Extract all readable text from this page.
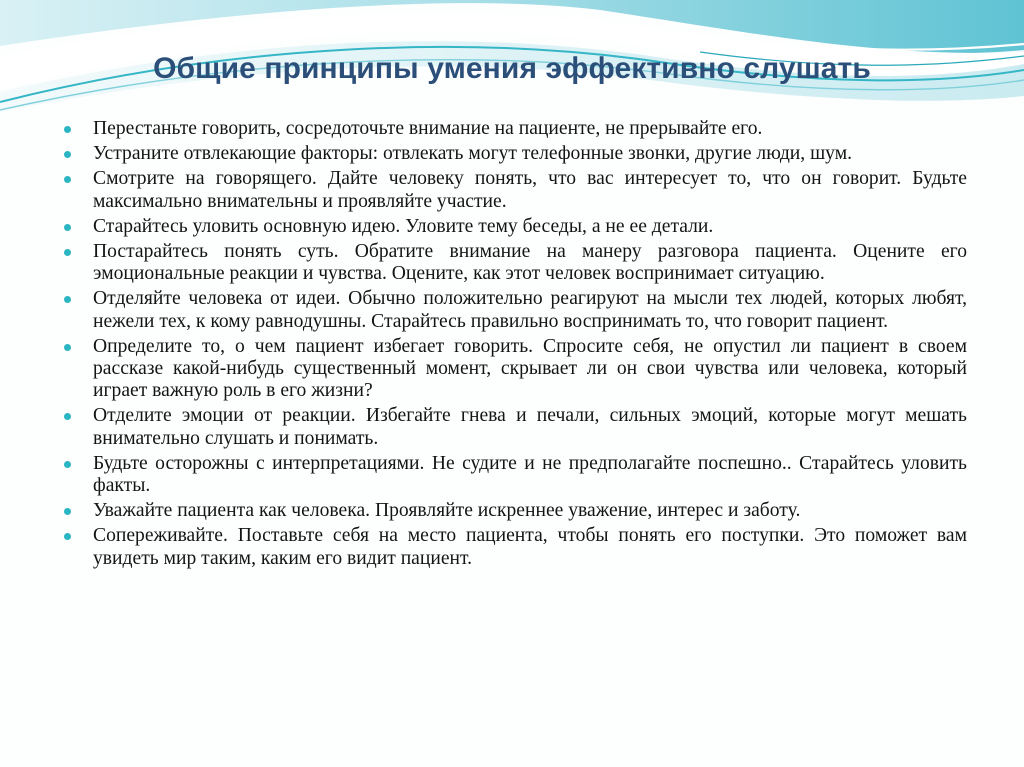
Общие принципы умения эффективно слушать
Перестаньте говорить, сосредоточьте внимание на пациенте, не прерывайте его.
Устраните отвлекающие факторы: отвлекать могут телефонные звонки, другие люди, шум.
Смотрите на говорящего. Дайте человеку понять, что вас интересует то, что он говорит. Будьте максимально внимательны и проявляйте участие.
Старайтесь уловить основную идею. Уловите тему беседы, а не ее детали.
Постарайтесь понять суть. Обратите внимание на манеру разговора пациента. Оцените его эмоциональные реакции и чувства. Оцените, как этот человек воспринимает ситуацию.
Отделяйте человека от идеи. Обычно положительно реагируют на мысли тех людей, которых любят, нежели тех, к кому равнодушны. Старайтесь правильно воспринимать то, что говорит пациент.
Определите то, о чем пациент избегает говорить. Спросите себя, не опустил ли пациент в своем рассказе какой-нибудь существенный момент, скрывает ли он свои чувства или человека, который играет важную роль в его жизни?
Отделите эмоции от реакции. Избегайте гнева и печали, сильных эмоций, которые могут мешать внимательно слушать и понимать.
Будьте осторожны с интерпретациями. Не судите и не предполагайте поспешно.. Старайтесь уловить факты.
Уважайте пациента как человека. Проявляйте искреннее уважение, интерес и заботу.
Сопереживайте. Поставьте себя на место пациента, чтобы понять его поступки. Это поможет вам увидеть мир таким, каким его видит пациент.
